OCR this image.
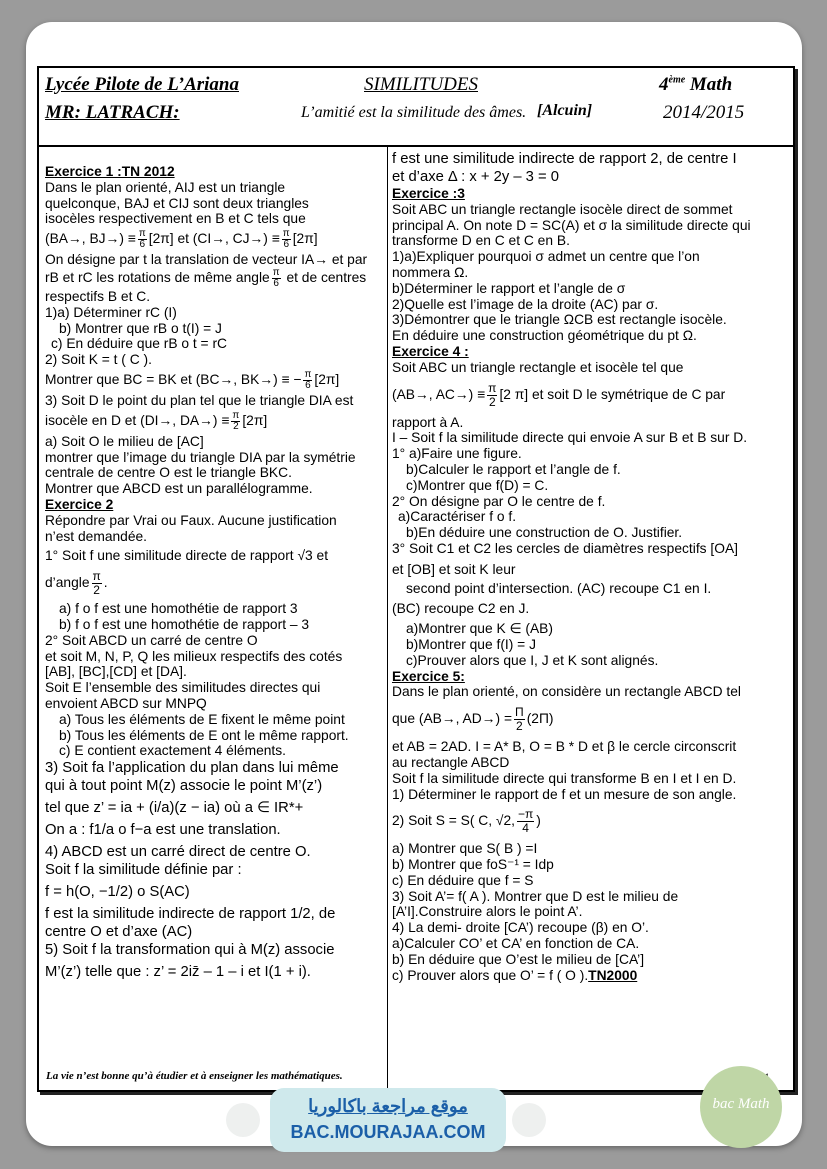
Lycée Pilote de L’Ariana
MR: LATRACH:
SIMILITUDES
L’amitié est la similitude des âmes. [Alcuin]
4ème Math
2014/2015
Exercice 1 :TN 2012
Dans le plan orienté, AIJ est un triangle
quelconque, BAJ et CIJ sont deux triangles
isocèles respectivement en B et C tels que
(BA→, $BJ\to) \equiv \frac{\pi}{6} [2\pi]$ et (CI→, $CJ\to) \equiv \frac{\pi}{6} [2\pi]$
On désigne par t la translation de vecteur IA→ et par
rB et rC les rotations de même angle $\frac{\pi}{6}$ et de centres
respectifs B et C.
1)a) Déterminer rC (I)
b) Montrer que rB o t(I) = J
c) En déduire que rB o t = rC
2) Soit K = t ( C ).
Montrer que BC = BK et (BC→, BK→) ≡ − $\frac{\pi}{6} [2\pi]$
3) Soit D le point du plan tel que le triangle DIA est
isocèle en D et (DI→, $DA\to) \equiv \frac{\pi}{2} [2\pi]$
a) Soit O le milieu de [AC]
montrer que l’image du triangle DIA par la symétrie
centrale de centre O est le triangle BKC.
Montrer que ABCD est un parallélogramme.
Exercice 2
Répondre par Vrai ou Faux. Aucune justification
n’est demandée.
1° Soit f une similitude directe de rapport √3 et
d’angle $\frac{\pi}{2}$ .
a) f o f est une homothétie de rapport 3
b) f o f est une homothétie de rapport – 3
2° Soit ABCD un carré de centre O
et soit M, N, P, Q les milieux respectifs des cotés
[AB], [BC],[CD] et [DA].
Soit E l’ensemble des similitudes directes qui
envoient ABCD sur MNPQ
a) Tous les éléments de E fixent le même point
b) Tous les éléments de E ont le même rapport.
c) E contient exactement 4 éléments.
3) Soit fa l’application du plan dans lui même
qui à tout point M(z) associe le point M’(z’)
tel que z’ = ia + (i/a)(z − ia) où a ∈ IR*+
On a : f1/a o f−a est une translation.
4) ABCD est un carré direct de centre O.
Soit f la similitude définie par :
f = h(O, −1/2) o S(AC)
f est la similitude indirecte de rapport 1/2, de
centre O et d’axe (AC)
5) Soit f la transformation qui à M(z) associe
M’(z’) telle que : z’ = 2iz̄ – 1 – i et I(1 + i).
f est une similitude indirecte de rapport 2, de centre I
et d’axe Δ : x + 2y – 3 = 0
Exercice :3
Soit ABC un triangle rectangle isocèle direct de sommet
principal A. On note D = SC(A) et σ la similitude directe qui
transforme D en C et C en B.
1)a)Expliquer pourquoi σ admet un centre que l’on
nommera Ω.
b)Déterminer le rapport et l’angle de σ
2)Quelle est l’image de la droite (AC) par σ.
3)Démontrer que le triangle ΩCB est rectangle isocèle.
En déduire une construction géométrique du pt Ω.
Exercice 4 :
Soit ABC un triangle rectangle et isocèle tel que
(AB→, $AC\to) \equiv \frac{\pi}{2} [2$ π] et soit D le symétrique de C par
rapport à A.
I – Soit f la similitude directe qui envoie A sur B et B sur D.
1° a)Faire une figure.
b)Calculer le rapport et l’angle de f.
c)Montrer que f(D) = C.
2° On désigne par O le centre de f.
a)Caractériser f o f.
b)En déduire une construction de O. Justifier.
3° Soit C1 et C2 les cercles de diamètres respectifs [OA]
et [OB] et soit K leur
second point d’intersection. (AC) recoupe C1 en I.
(BC) recoupe C2 en J.
a)Montrer que K ∈ (AB)
b)Montrer que f(I) = J
c)Prouver alors que I, J et K sont alignés.
Exercice 5:
Dans le plan orienté, on considère un rectangle ABCD tel
que (AB→, $AD\to) = \frac{\Pi}{2} (2\Pi)$
et AB = 2AD. I = A* B, O = B * D et β le cercle circonscrit
au rectangle ABCD
Soit f la similitude directe qui transforme B en I et I en D.
1) Déterminer le rapport de f et un mesure de son angle.
2) Soit S = S( C, √2, $\frac{-\pi}{4}$ )
a) Montrer que S( B ) =I
b) Montrer que foS⁻¹ = Idp
c) En déduire que f = S
3) Soit A’= f( A ). Montrer que D est le milieu de
[A’I].Construire alors le point A’.
4) La demi- droite [CA’) recoupe (β) en O’.
a)Calculer CO’ et CA’ en fonction de CA.
b) En déduire que O’est le milieu de [CA’]
c) Prouver alors que O’ = f ( O ).TN2000
La vie n’est bonne qu’à étudier et à enseigner les mathématiques.
موقع مراجعة باكالوريا
BAC.MOURAJAA.COM
bac Math
